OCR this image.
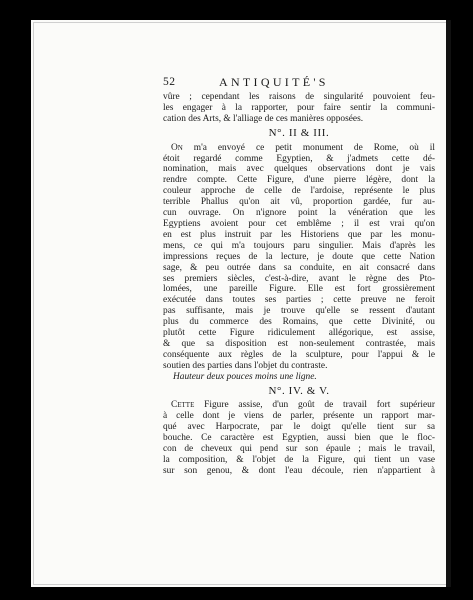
52	ANTIQUITÉ'S
vûre ; cependant les raisons de singularité pouvoient feu-
les engager à la rapporter, pour faire sentir la communi-
cation des Arts, & l'alliage de ces manières opposées.
N°. II & III.
On m'a envoyé ce petit monument de Rome, où il
étoit regardé comme Egyptien, & j'admets cette dé-
nomination, mais avec quelques observations dont je vais
rendre compte. Cette Figure, d'une pierre légère, dont la
couleur approche de celle de l'ardoise, représente le plus
terrible Phallus qu'on ait vû, proportion gardée, fur au-
cun ouvrage. On n'ignore point la vénération que les
Egyptiens avoient pour cet emblême ; il est vrai qu'on
en est plus instruit par les Historiens que par les monu-
mens, ce qui m'a toujours paru singulier. Mais d'après les
impressions reçues de la lecture, je doute que cette Nation
sage, & peu outrée dans sa conduite, en ait consacré dans
ses premiers siècles, c'est-à-dire, avant le règne des Pto-
lomées, une pareille Figure. Elle est fort grossièrement
exécutée dans toutes ses parties ; cette preuve ne feroit
pas suffisante, mais je trouve qu'elle se ressent d'autant
plus du commerce des Romains, que cette Divinité, ou
plutôt cette Figure ridiculement allégorique, est assise,
& que sa disposition est non-seulement contrastée, mais
conséquente aux règles de la sculpture, pour l'appui & le
soutien des parties dans l'objet du contraste.
Hauteur deux pouces moins une ligne.
N°. IV. & V.
Cette Figure assise, d'un goût de travail fort supérieur
à celle dont je viens de parler, présente un rapport mar-
qué avec Harpocrate, par le doigt qu'elle tient sur sa
bouche. Ce caractère est Egyptien, aussi bien que le floc-
con de cheveux qui pend sur son épaule ; mais le travail,
la composition, & l'objet de la Figure, qui tient un vase
sur son genou, & dont l'eau découle, rien n'appartient à
